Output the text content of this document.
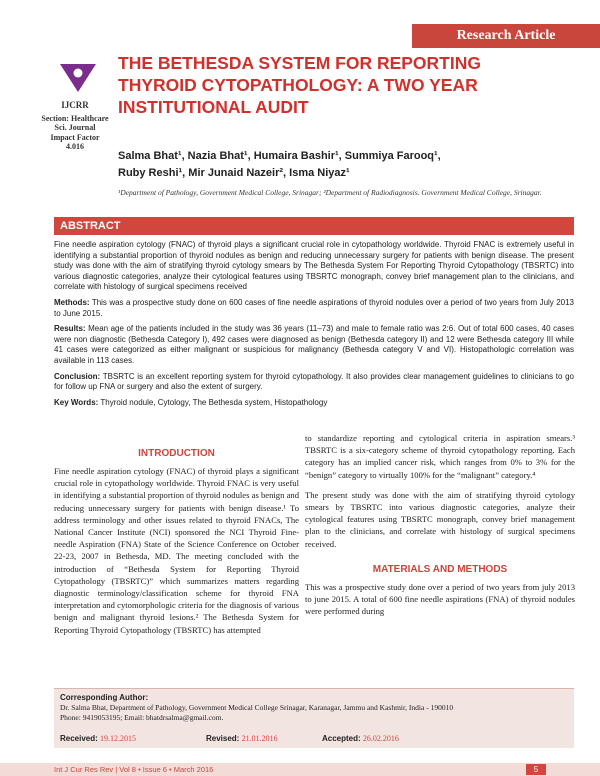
Research Article
IJCRR
Section: Healthcare
Sci. Journal
Impact Factor
4.016
THE BETHESDA SYSTEM FOR REPORTING THYROID CYTOPATHOLOGY: A TWO YEAR INSTITUTIONAL AUDIT
Salma Bhat¹, Nazia Bhat¹, Humaira Bashir¹, Summiya Farooq¹,
Ruby Reshi¹, Mir Junaid Nazeir², Isma Niyaz¹
¹Department of Pathology, Government Medical College, Srinagar; ²Department of Radiodiagnosis. Government Medical College, Srinagar.
ABSTRACT

Fine needle aspiration cytology (FNAC) of thyroid plays a significant crucial role in cytopathology worldwide. Thyroid FNAC is extremely useful in identifying a substantial proportion of thyroid nodules as benign and reducing unnecessary surgery for patients with benign disease. The present study was done with the aim of stratifying thyroid cytology smears by The Bethesda System For Reporting Thyroid Cytopathology (TBSRTC) into various diagnostic categories, analyze their cytological features using TBSRTC monograph, convey brief management plan to the clinicians, and correlate with histology of surgical specimens received

Methods: This was a prospective study done on 600 cases of fine needle aspirations of thyroid nodules over a period of two years from July 2013 to June 2015.

Results: Mean age of the patients included in the study was 36 years (11–73) and male to female ratio was 2:6. Out of total 600 cases, 40 cases were non diagnostic (Bethesda Category I), 492 cases were diagnosed as benign (Bethesda category II) and 12 were Bethesda category III while 41 cases were categorized as either malignant or suspicious for malignancy (Bethesda category V and VI). Histopathologic correlation was available in 113 cases.

Conclusion: TBSRTC is an excellent reporting system for thyroid cytopathology. It also provides clear management guidelines to clinicians to go for follow up FNA or surgery and also the extent of surgery.

Key Words: Thyroid nodule, Cytology, The Bethesda system, Histopathology

INTRODUCTION

Fine needle aspiration cytology (FNAC) of thyroid plays a significant crucial role in cytopathology worldwide. Thyroid FNAC is very useful in identifying a substantial proportion of thyroid nodules as benign and reducing unnecessary surgery for patients with benign disease.¹ To address terminology and other issues related to thyroid FNACs, The National Cancer Institute (NCI) sponsored the NCI Thyroid Fine-needle Aspiration (FNA) State of the Science Conference on October 22-23, 2007 in Bethesda, MD. The meeting concluded with the introduction of “Bethesda System for Reporting Thyroid Cytopathology (TBSRTC)” which summarizes matters regarding diagnostic terminology/classification scheme for thyroid FNA interpretation and cytomorphologic criteria for the diagnosis of various benign and malignant thyroid lesions.² The Bethesda System for Reporting Thyroid Cytopathology (TBSRTC) has attempted

to standardize reporting and cytological criteria in aspiration smears.³ TBSRTC is a six-category scheme of thyroid cytopathology reporting. Each category has an implied cancer risk, which ranges from 0% to 3% for the “benign” category to virtually 100% for the “malignant” category.⁴

The present study was done with the aim of stratifying thyroid cytology smears by TBSRTC into various diagnostic categories, analyze their cytological features using TBSRTC monograph, convey brief management plan to the clinicians, and correlate with histology of surgical specimens received.

MATERIALS AND METHODS

This was a prospective study done over a period of two years from july 2013 to june 2015. A total of 600 fine needle aspirations (FNA) of thyroid nodules were performed during

Corresponding Author:
Dr. Salma Bhat, Department of Pathology, Government Medical College Srinagar, Karanagar, Jammu and Kashmir, India - 190010
Phone: 9419053195; Email: bhatdrsalma@gmail.com.
Received: 19.12.2015	Revised: 21.01.2016	Accepted: 26.02.2016
Int J Cur Res Rev | Vol 8 • Issue 6 • March 2016	5
